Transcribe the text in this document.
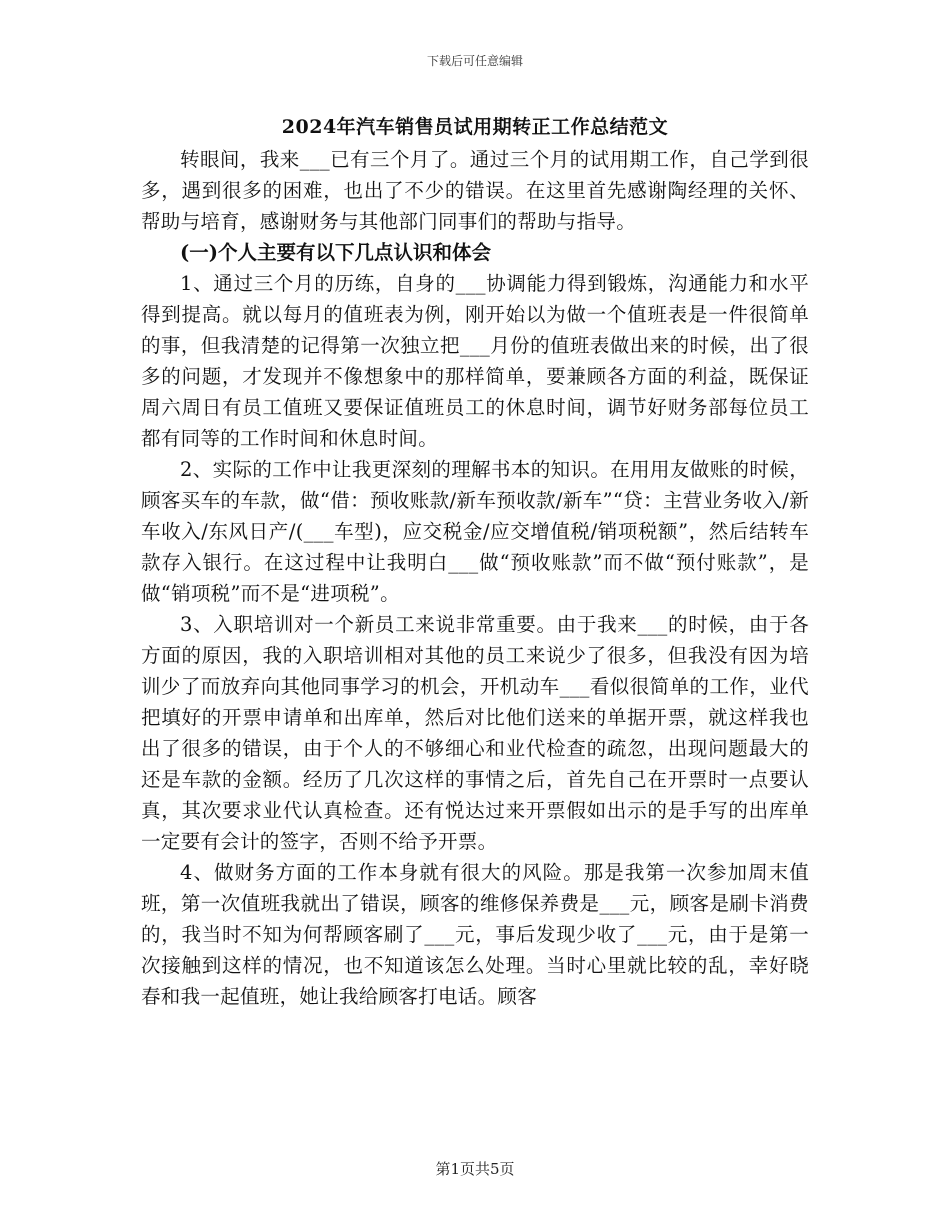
下载后可任意编辑
2024年汽车销售员试用期转正工作总结范文

转眼间，我来___已有三个月了。通过三个月的试用期工作，自己学到很多，遇到很多的困难，也出了不少的错误。在这里首先感谢陶经理的关怀、帮助与培育，感谢财务与其他部门同事们的帮助与指导。

(一)个人主要有以下几点认识和体会

1、通过三个月的历练，自身的___协调能力得到锻炼，沟通能力和水平得到提高。就以每月的值班表为例，刚开始以为做一个值班表是一件很简单的事，但我清楚的记得第一次独立把___月份的值班表做出来的时候，出了很多的问题，才发现并不像想象中的那样简单，要兼顾各方面的利益，既保证周六周日有员工值班又要保证值班员工的休息时间，调节好财务部每位员工都有同等的工作时间和休息时间。

2、实际的工作中让我更深刻的理解书本的知识。在用用友做账的时候，顾客买车的车款，做“借：预收账款/新车预收款/新车”“贷：主营业务收入/新车收入/东风日产/(___车型)，应交税金/应交增值税/销项税额”，然后结转车款存入银行。在这过程中让我明白___做“预收账款”而不做“预付账款”，是做“销项税”而不是“进项税”。

3、入职培训对一个新员工来说非常重要。由于我来___的时候，由于各方面的原因，我的入职培训相对其他的员工来说少了很多，但我没有因为培训少了而放弃向其他同事学习的机会，开机动车___看似很简单的工作，业代把填好的开票申请单和出库单，然后对比他们送来的单据开票，就这样我也出了很多的错误，由于个人的不够细心和业代检查的疏忽，出现问题最大的还是车款的金额。经历了几次这样的事情之后，首先自己在开票时一点要认真，其次要求业代认真检查。还有悦达过来开票假如出示的是手写的出库单一定要有会计的签字，否则不给予开票。

4、做财务方面的工作本身就有很大的风险。那是我第一次参加周末值班，第一次值班我就出了错误，顾客的维修保养费是___元，顾客是刷卡消费的，我当时不知为何帮顾客刷了___元，事后发现少收了___元，由于是第一次接触到这样的情况，也不知道该怎么处理。当时心里就比较的乱，幸好晓春和我一起值班，她让我给顾客打电话。顾客

第1页共5页
